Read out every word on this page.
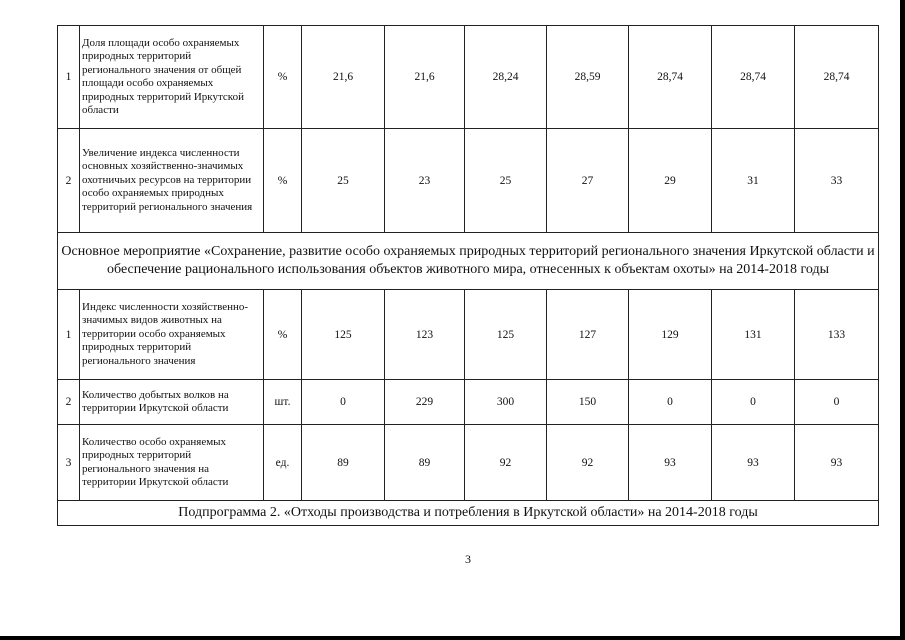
1	Доля площади особо охраняемых природных территорий регионального значения от общей площади особо охраняемых природных территорий Иркутской области	%	21,6	21,6	28,24	28,59	28,74	28,74	28,74
2	Увеличение индекса численности основных хозяйственно-значимых охотничьих ресурсов на территории особо охраняемых природных территорий регионального значения	%	25	23	25	27	29	31	33
Основное мероприятие «Сохранение, развитие особо охраняемых природных территорий регионального значения Иркутской области и обеспечение рационального использования объектов животного мира, отнесенных к объектам охоты» на 2014-2018 годы									
1	Индекс численности хозяйственно-значимых видов животных на территории особо охраняемых природных территорий регионального значения	%	125	123	125	127	129	131	133
2	Количество добытых волков на территории Иркутской области	шт.	0	229	300	150	0	0	0
3	Количество особо охраняемых природных территорий регионального значения на территории Иркутской области	ед.	89	89	92	92	93	93	93
Подпрограмма 2. «Отходы производства и потребления в Иркутской области» на 2014-2018 годы									
3
